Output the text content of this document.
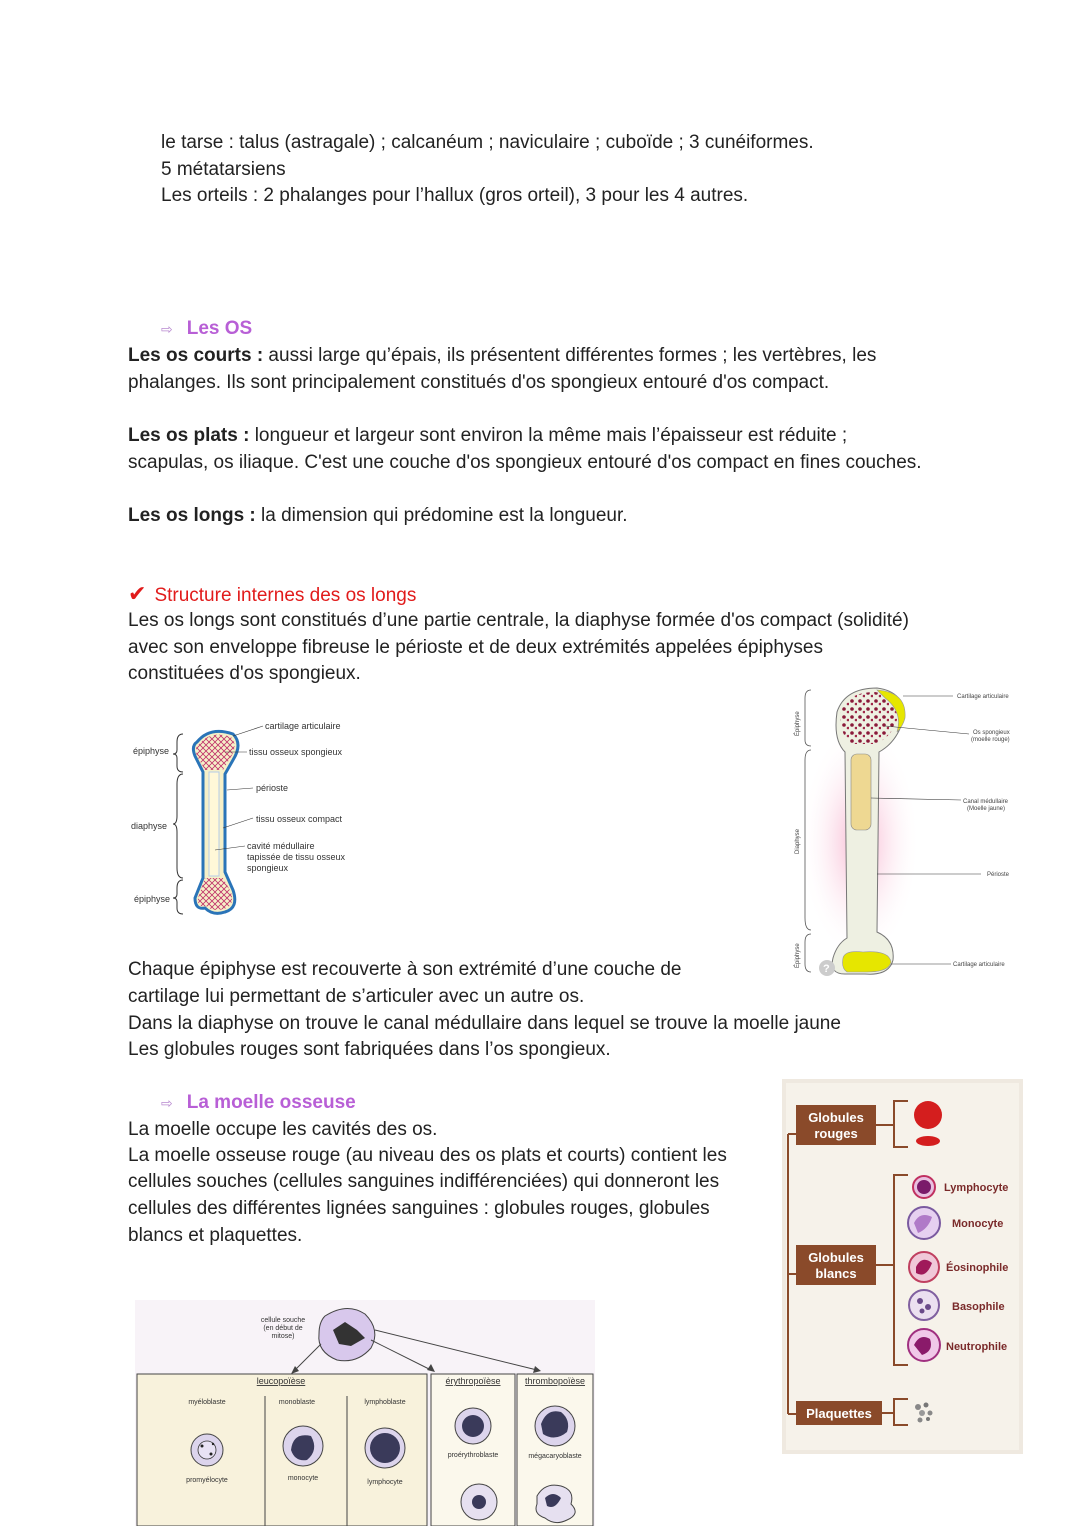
le tarse : talus (astragale) ; calcanéum ; naviculaire ; cuboïde ; 3 cunéiformes.
5 métatarsiens
Les orteils : 2 phalanges pour l’hallux (gros orteil), 3 pour les 4 autres.
⇨ Les OS
Les os courts : aussi large qu’épais, ils présentent différentes formes ; les vertèbres, les
phalanges. Ils sont principalement constitués d'os spongieux entouré d'os compact.
Les os plats : longueur et largeur sont environ la même mais l’épaisseur est réduite ;
scapulas, os iliaque. C'est une couche d'os spongieux entouré d'os compact en fines couches.
Les os longs : la dimension qui prédomine est la longueur.
✔ Structure internes des os longs
Les os longs sont constitués d’une partie centrale, la diaphyse formée d'os compact (solidité)
avec son enveloppe fibreuse le périoste et de deux extrémités appelées épiphyses
constituées d'os spongieux.
épiphyse
diaphyse
épiphyse
cartilage articulaire
tissu osseux spongieux
périoste
tissu osseux compact
cavité médullaire
tapissée de tissu osseux
spongieux
?
Épiphyse
Diaphyse
Épiphyse
Cartilage articulaire
Os spongieux
(moelle rouge)
Canal médullaire
(Moelle jaune)
Périoste
Cartilage articulaire
Chaque épiphyse est recouverte à son extrémité d’une couche de
cartilage lui permettant de s’articuler avec un autre os.
Dans la diaphyse on trouve le canal médullaire dans lequel se trouve la moelle jaune
Les globules rouges sont fabriquées dans l’os spongieux.
⇨ La moelle osseuse
La moelle occupe les cavités des os.
La moelle osseuse rouge (au niveau des os plats et courts) contient les
cellules souches (cellules sanguines indifférenciées) qui donneront les
cellules des différentes lignées sanguines : globules rouges, globules
blancs et plaquettes.
Globules
rouges
Globules
blancs
Plaquettes
Lymphocyte
Monocyte
Éosinophile
Basophile
Neutrophile
cellule souche
(en début de
mitose)
leucopoïèse	érythropoïèse	thrombopoïèse
myéloblaste	monoblaste	lymphoblaste
promyélocyte	monocyte
lymphocyte
proérythroblaste	mégacaryoblaste
